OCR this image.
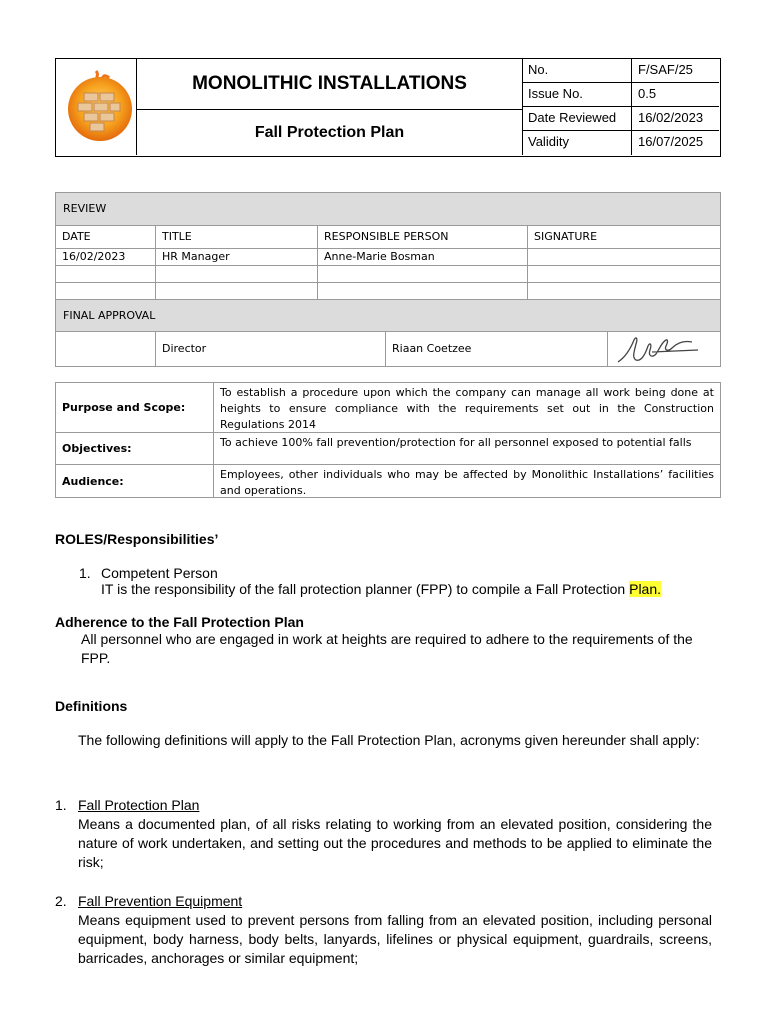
MONOLITHIC INSTALLATIONS
Fall Protection Plan
No.	F/SAF/25
Issue No.	0.5
Date Reviewed	16/02/2023
Validity	16/07/2025
REVIEW
DATE	TITLE	RESPONSIBLE PERSON	SIGNATURE
16/02/2023	HR Manager	Anne-Marie Bosman
FINAL APPROVAL
Director	Riaan Coetzee
Purpose and Scope:
To establish a procedure upon which the company can manage all work being done at heights to ensure compliance with the requirements set out in the Construction Regulations 2014
Objectives:	To achieve 100% fall prevention/protection for all personnel exposed to potential falls
Audience:	Employees, other individuals who may be affected by Monolithic Installations’ facilities and operations.
ROLES/Responsibilities’
1. Competent Person
IT is the responsibility of the fall protection planner (FPP) to compile a Fall Protection Plan.
Adherence to the Fall Protection Plan
All personnel who are engaged in work at heights are required to adhere to the requirements of the FPP.
Definitions
The following definitions will apply to the Fall Protection Plan, acronyms given hereunder shall apply:
1. Fall Protection Plan
Means a documented plan, of all risks relating to working from an elevated position, considering the nature of work undertaken, and setting out the procedures and methods to be applied to eliminate the risk;
2. Fall Prevention Equipment
Means equipment used to prevent persons from falling from an elevated position, including personal equipment, body harness, body belts, lanyards, lifelines or physical equipment, guardrails, screens, barricades, anchorages or similar equipment;
